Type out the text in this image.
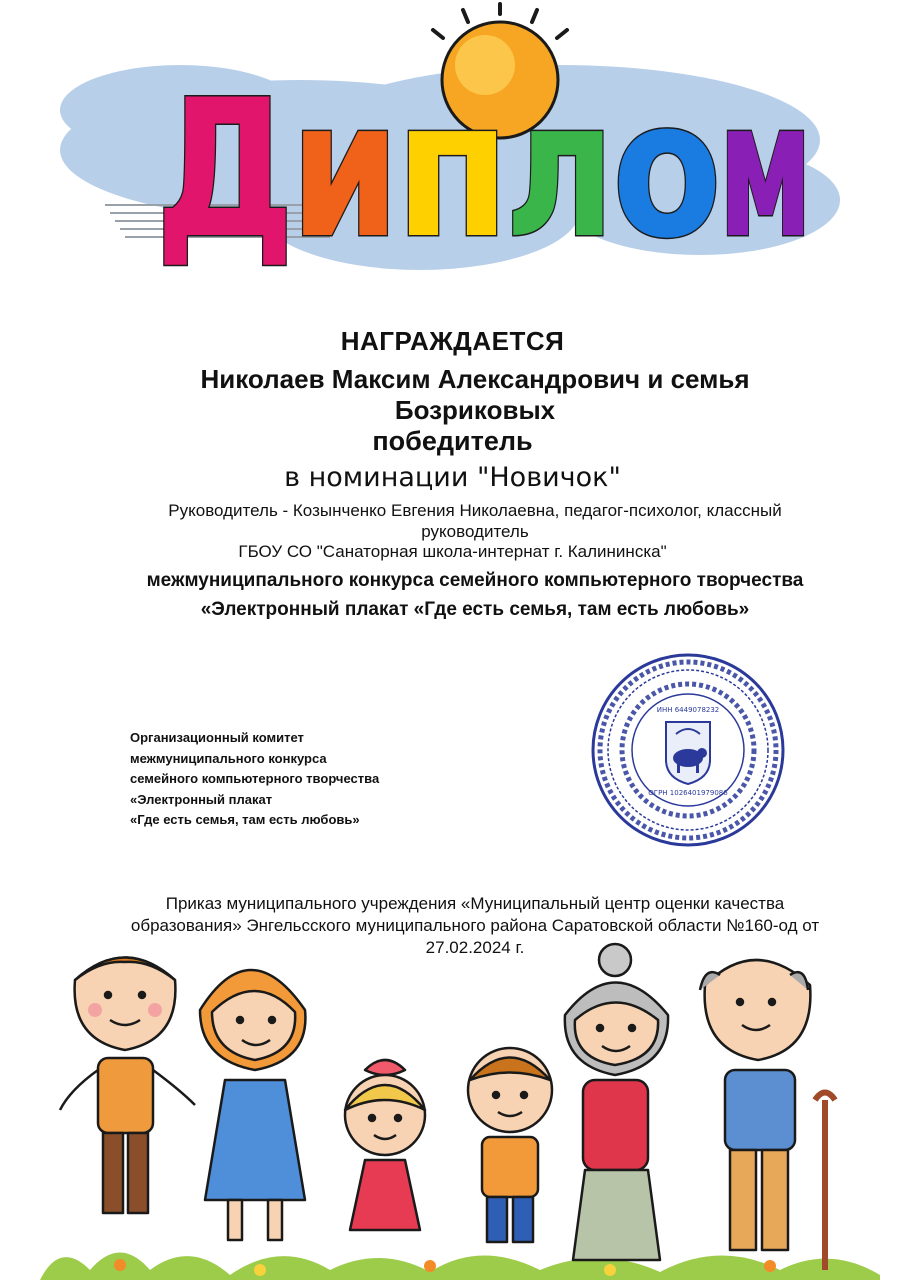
Д
и
п
л
о
м
НАГРАЖДАЕТСЯ
Николаев Максим Александрович и семья Бозриковых
победитель
в номинации "Новичок"
Руководитель - Козынченко Евгения Николаевна, педагог-психолог, классный руководитель
ГБОУ СО "Санаторная школа-интернат г. Калининска"
межмуниципального конкурса семейного компьютерного творчества «Электронный плакат «Где есть семья, там есть любовь»
Организационный комитет
межмуниципального конкурса
семейного компьютерного творчества
«Электронный плакат
«Где есть семья, там есть любовь»
ОГРН 1026401979086
ИНН 6449078232
Приказ муниципального учреждения «Муниципальный центр оценки качества образования» Энгельсского муниципального района Саратовской области №160-од от 27.02.2024 г.
